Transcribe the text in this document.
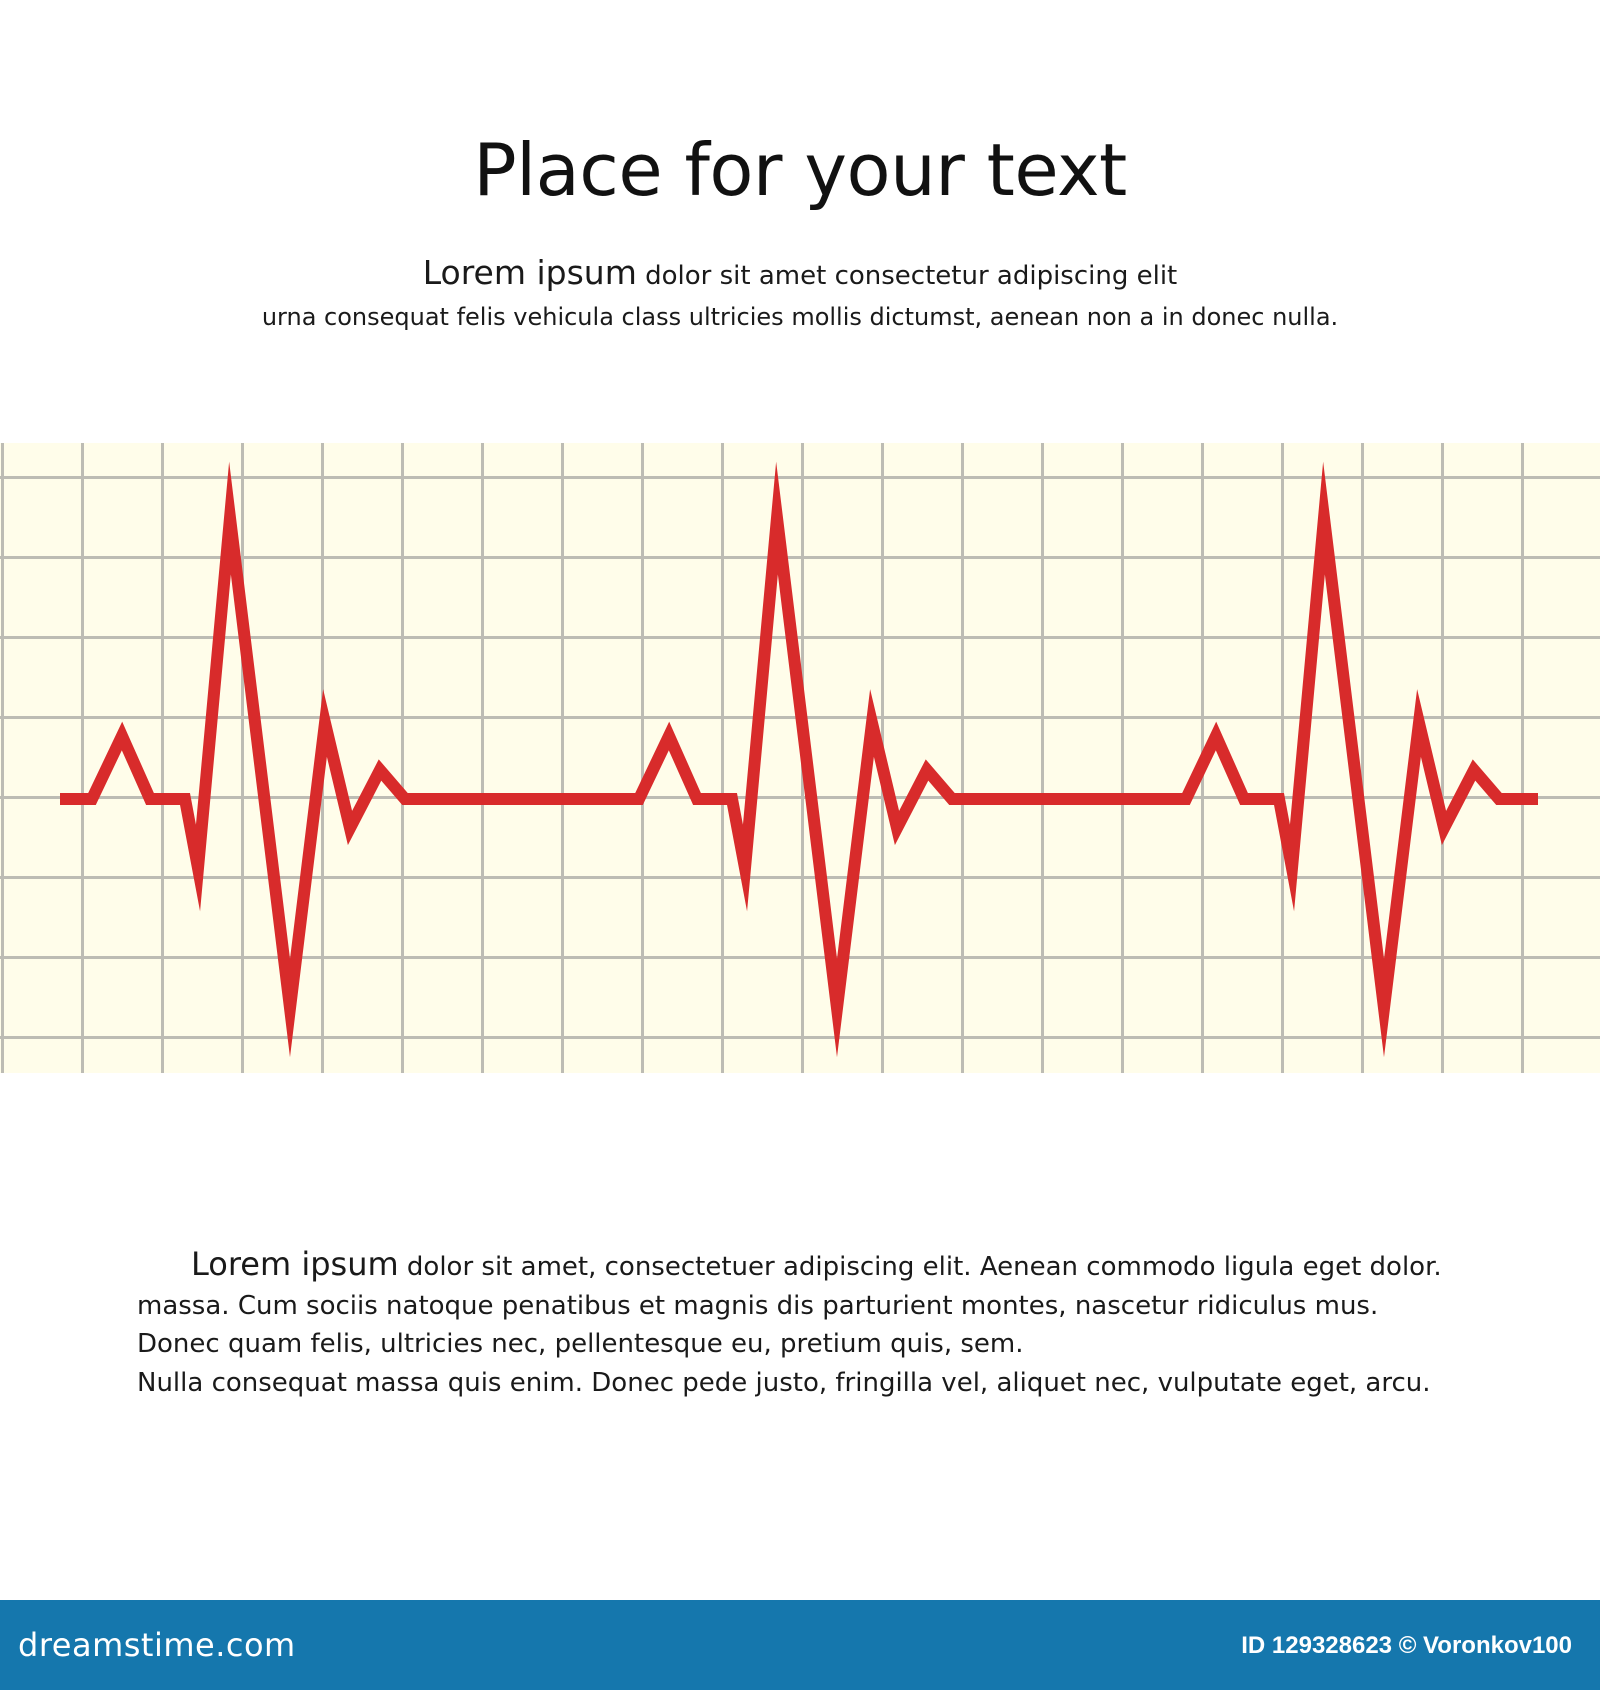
Place for your text
Lorem ipsum dolor sit amet consectetur adipiscing elit
urna consequat felis vehicula class ultricies mollis dictumst, aenean non a in donec nulla.
Lorem ipsum dolor sit amet, consectetuer adipiscing elit. Aenean commodo ligula eget dolor.
massa. Cum sociis natoque penatibus et magnis dis parturient montes, nascetur ridiculus mus.
Donec quam felis, ultricies nec, pellentesque eu, pretium quis, sem.
Nulla consequat massa quis enim. Donec pede justo, fringilla vel, aliquet nec, vulputate eget, arcu.
dreamstime.com	ID 129328623 © Voronkov100
